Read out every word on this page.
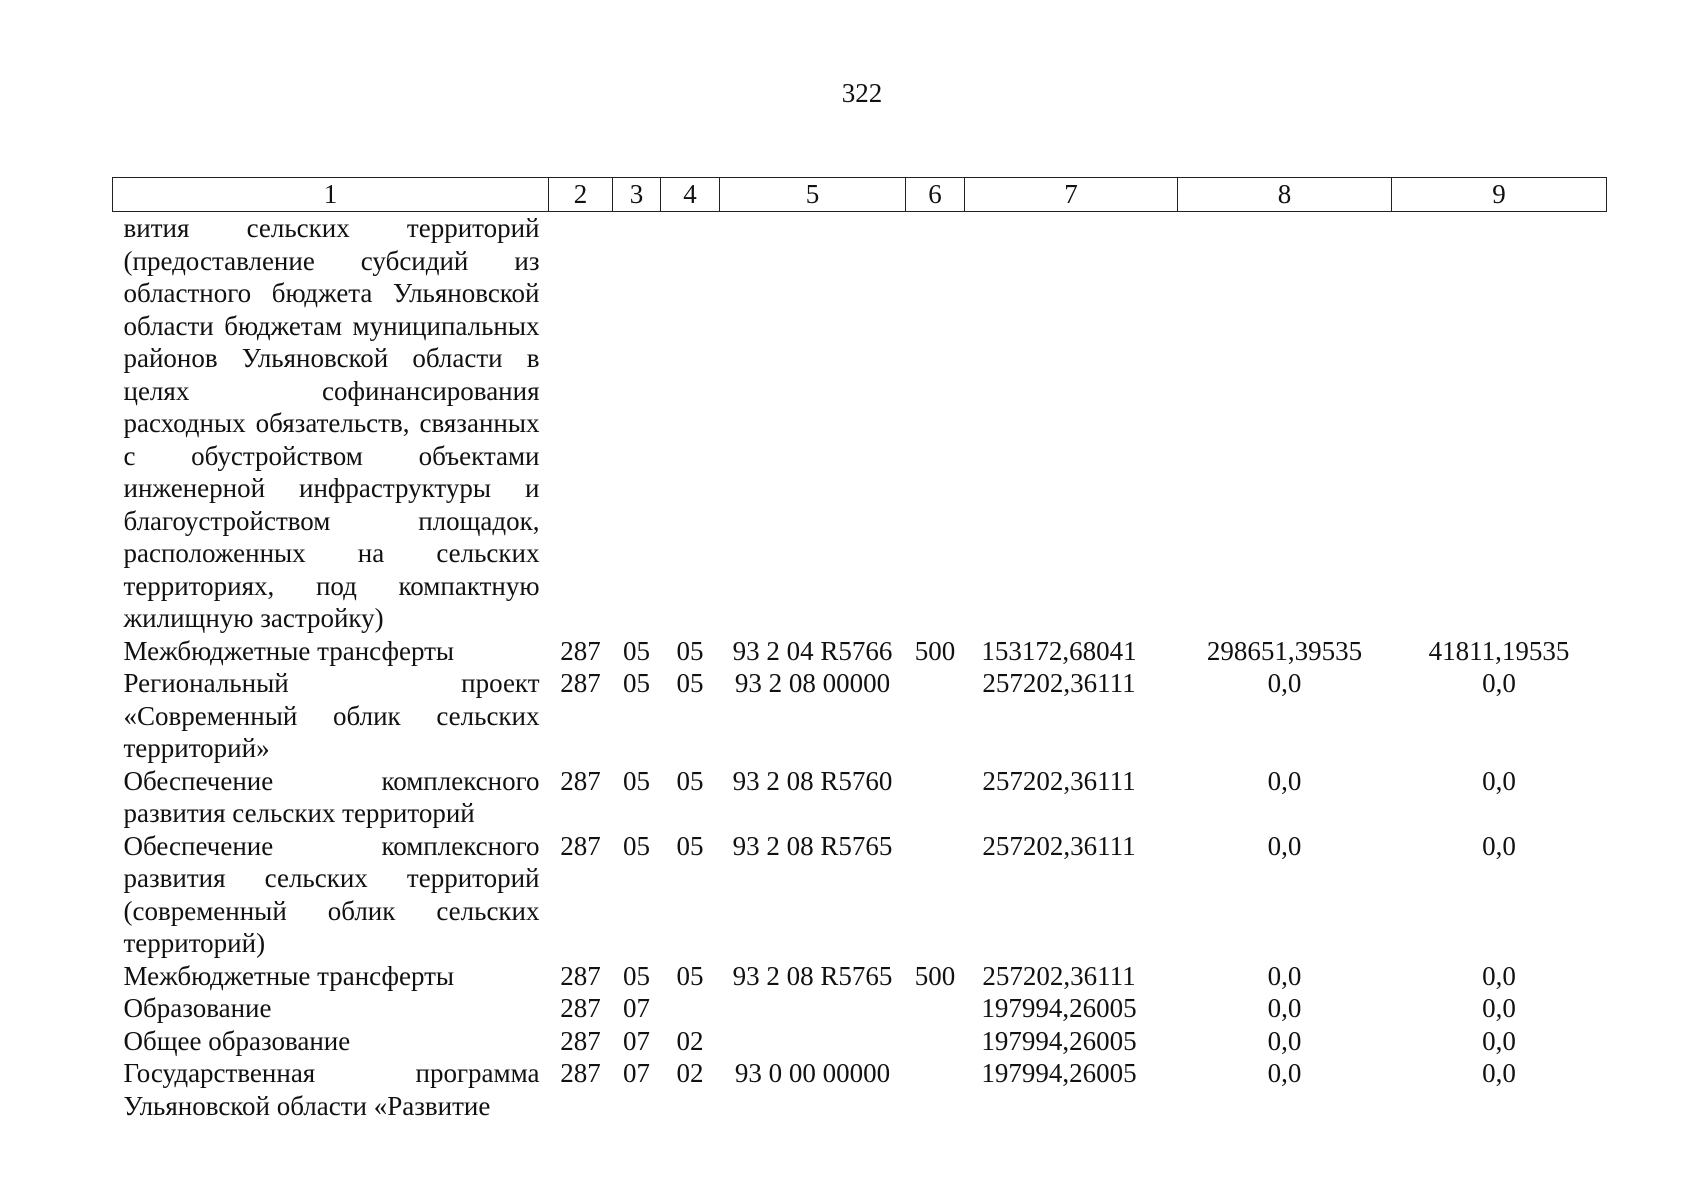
322
1	2	3	4	5	6	7	8	9
вития сельских территорий (предоставление субсидий из областного бюджета Ульяновской области бюджетам муниципальных районов Ульяновской области в целях софинансирования расходных обязательств, связанных с обустройством объектами инженерной инфраструктуры и благоустройством площадок, расположенных на сельских территориях, под компактную жилищную застройку)								
Межбюджетные трансферты	287	05	05	93 2 04 R5766	500	153172,68041	298651,39535	41811,19535
Региональный проект «Современный облик сельских территорий»	287	05	05	93 2 08 00000		257202,36111	0,0	0,0
Обеспечение комплексного развития сельских территорий	287	05	05	93 2 08 R5760		257202,36111	0,0	0,0
Обеспечение комплексного развития сельских территорий (современный облик сельских территорий)	287	05	05	93 2 08 R5765		257202,36111	0,0	0,0
Межбюджетные трансферты	287	05	05	93 2 08 R5765	500	257202,36111	0,0	0,0
Образование	287	07				197994,26005	0,0	0,0
Общее образование	287	07	02			197994,26005	0,0	0,0
Государственная программа Ульяновской области «Развитие	287	07	02	93 0 00 00000		197994,26005	0,0	0,0
